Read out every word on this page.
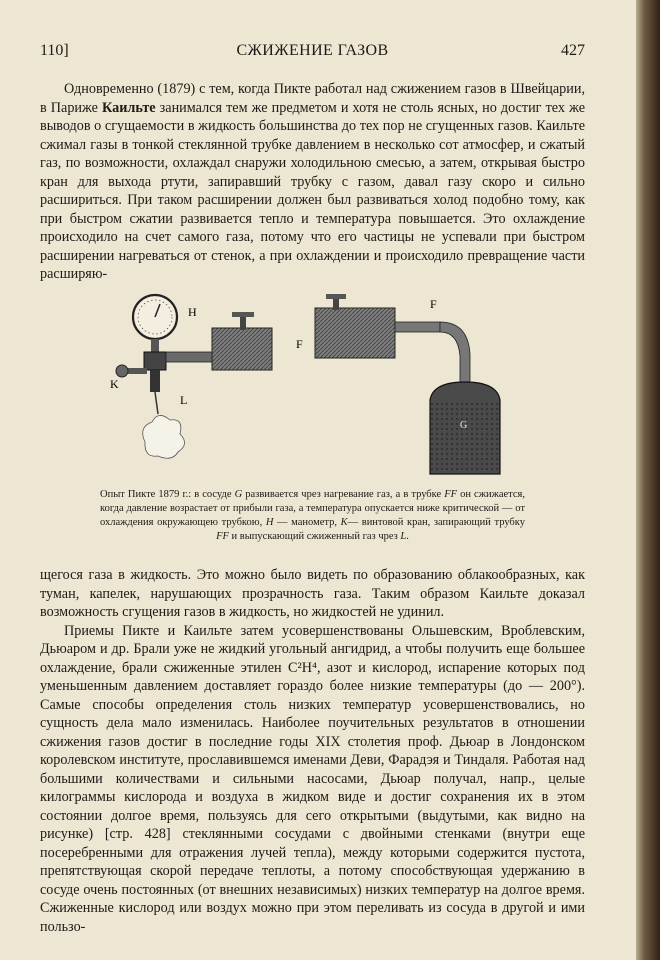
110]	СЖИЖЕНИЕ ГАЗОВ	427

Одновременно (1879) с тем, когда Пикте работал над сжижением газов в Швейцарии, в Париже Каильте занимался тем же предметом и хотя не столь ясных, но достиг тех же выводов о сгущаемости в жидкость большинства до тех пор не сгущенных газов. Каильте сжимал газы в тонкой стеклянной трубке давлением в несколько сот атмосфер, и сжатый газ, по возможности, охлаждал снаружи холодильною смесью, а затем, открывая быстро кран для выхода ртути, запиравший трубку с газом, давал газу скоро и сильно расшириться. При таком расширении должен был развиваться холод подобно тому, как при быстром сжатии развивается тепло и температура повышается. Это охлаждение происходило на счет самого газа, потому что его частицы не успевали при быстром расширении нагреваться от стенок, а при охлаждении и происходило превращение части расширяю-

H
K
L
F
F
G
Опыт Пикте 1879 г.: в сосуде G развивается чрез нагревание газ, а в трубке FF он сжижается, когда давление возрастает от прибыли газа, а температура опускается ниже критической — от охлаждения окружающею трубкою, H — манометр, K— винтовой кран, запирающий трубку FF и выпускающий сжиженный газ чрез L.

щегося газа в жидкость. Это можно было видеть по образованию облакообразных, как туман, капелек, нарушающих прозрачность газа. Таким образом Каильте доказал возможность сгущения газов в жидкость, но жидкостей не удинил.

Приемы Пикте и Каильте затем усовершенствованы Ольшевским, Вроблевским, Дьюаром и др. Брали уже не жидкий угольный ангидрид, а чтобы получить еще большее охлаждение, брали сжиженные этилен C²H⁴, азот и кислород, испарение которых под уменьшенным давлением доставляет гораздо более низкие температуры (до — 200°). Самые способы определения столь низких температур усовершенствовались, но сущность дела мало изменилась. Наиболее поучительных результатов в отношении сжижения газов достиг в последние годы XIX столетия проф. Дьюар в Лондонском королевском институте, прославившемся именами Деви, Фарадэя и Тиндаля. Работая над большими количествами и сильными насосами, Дьюар получал, напр., целые килограммы кислорода и воздуха в жидком виде и достиг сохранения их в этом состоянии долгое время, пользуясь для сего открытыми (выдутыми, как видно на рисунке) [стр. 428] стеклянными сосудами с двойными стенками (внутри еще посеребренными для отражения лучей тепла), между которыми содержится пустота, препятствующая скорой передаче теплоты, а потому способствующая удержанию в сосуде очень постоянных (от внешних независимых) низких температур на долгое время. Сжиженные кислород или воздух можно при этом переливать из сосуда в другой и ими пользо-
